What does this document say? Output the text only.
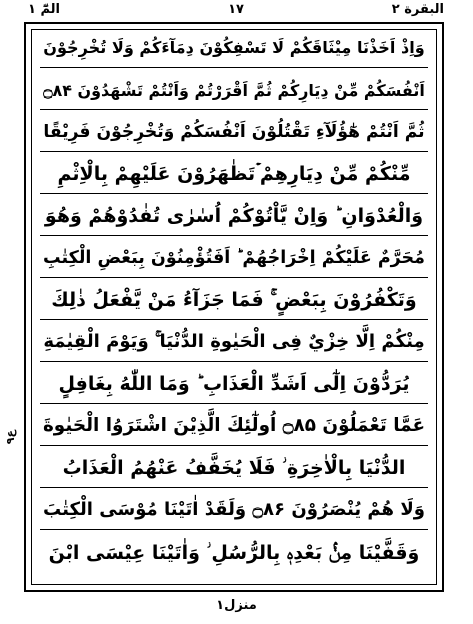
المّٓ ۱	۱۷	البقرة ۲
ع۹
وَاِذْ اَخَذْنَا مِيْثَاقَكُمْ لَا تَسْفِكُوْنَ دِمَآءَكُمْ وَلَا تُخْرِجُوْنَ
اَنْفُسَكُمْ مِّنْ دِيَارِكُمْ ثُمَّ اَقْرَرْتُمْ وَاَنْتُمْ تَشْهَدُوْنَ ۝۸۴
ثُمَّ اَنْتُمْ هٰٓؤُلَآءِ تَقْتُلُوْنَ اَنْفُسَكُمْ وَتُخْرِجُوْنَ فَرِيْقًا
مِّنْكُمْ مِّنْ دِيَارِهِمْ ۡتَظٰهَرُوْنَ عَلَيْهِمْ بِالْاِثْمِ
وَالْعُدْوَانِ ؕ وَاِنْ يَّاْتُوْكُمْ اُسٰرٰى تُفٰدُوْهُمْ وَهُوَ
مُحَرَّمٌ عَلَيْكُمْ اِخْرَاجُهُمْ ؕ اَفَتُؤْمِنُوْنَ بِبَعْضِ الْكِتٰبِ
وَتَكْفُرُوْنَ بِبَعْضٍ ۚ فَمَا جَزَآءُ مَنْ يَّفْعَلُ ذٰلِكَ
مِنْكُمْ اِلَّا خِزْيٌ فِى الْحَيٰوةِ الدُّنْيَا ۚ وَيَوْمَ الْقِيٰمَةِ
يُرَدُّوْنَ اِلٰٓى اَشَدِّ الْعَذَابِ ؕ وَمَا اللّٰهُ بِغَافِلٍ
عَمَّا تَعْمَلُوْنَ ۝۸۵ اُولٰٓئِكَ الَّذِيْنَ اشْتَرَوُا الْحَيٰوةَ
الدُّنْيَا بِالْاٰخِرَةِ ؗ فَلَا يُخَفَّفُ عَنْهُمُ الْعَذَابُ
وَلَا هُمْ يُنْصَرُوْنَ ۝۸۶ وَلَقَدْ اٰتَيْنَا مُوْسَى الْكِتٰبَ
وَقَفَّيْنَا مِنْۢ بَعْدِهٖ بِالرُّسُلِ ؗ وَاٰتَيْنَا عِيْسَى ابْنَ
منزل۱
